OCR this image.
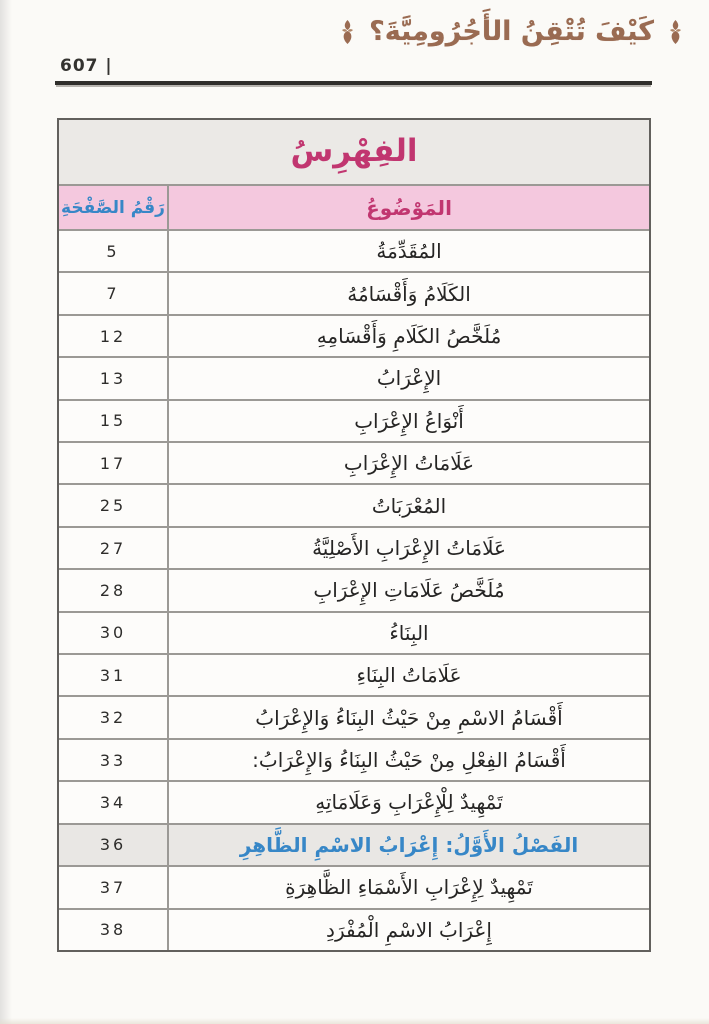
كَيْفَ تُتْقِنُ الأَجُرُومِيَّةَ؟
607 |
الفِهْرِسُ
رَقْمُ الصَّفْحَةِ	المَوْضُوعُ
5	المُقَدِّمَةُ
7	الكَلَامُ وَأَقْسَامُهُ
12	مُلَخَّصُ الكَلَامِ وَأَقْسَامِهِ
13	الإِعْرَابُ
15	أَنْوَاعُ الإِعْرَابِ
17	عَلَامَاتُ الإِعْرَابِ
25	المُعْرَبَاتُ
27	عَلَامَاتُ الإِعْرَابِ الأَصْلِيَّةُ
28	مُلَخَّصُ عَلَامَاتِ الإِعْرَابِ
30	البِنَاءُ
31	عَلَامَاتُ البِنَاءِ
32	أَقْسَامُ الاسْمِ مِنْ حَيْثُ البِنَاءُ وَالإِعْرَابُ
33	أَقْسَامُ الفِعْلِ مِنْ حَيْثُ البِنَاءُ وَالإِعْرَابُ:
34	تَمْهِيدٌ لِلْإِعْرَابِ وَعَلَامَاتِهِ
36	الفَصْلُ الأَوَّلُ: إِعْرَابُ الاسْمِ الظَّاهِرِ
37	تَمْهِيدٌ لِإِعْرَابِ الأَسْمَاءِ الظَّاهِرَةِ
38	إِعْرَابُ الاسْمِ الْمُفْرَدِ
